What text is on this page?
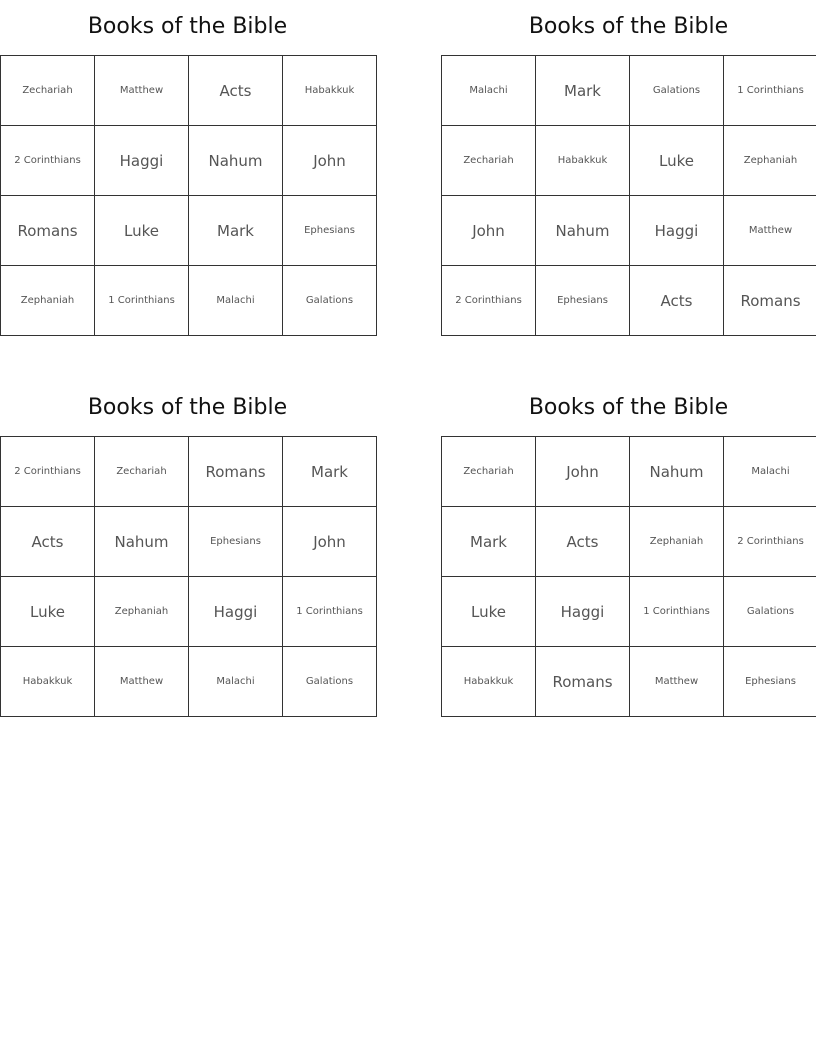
Books of the Bible
Zechariah	Matthew	Acts	Habakkuk
2 Corinthians	Haggi	Nahum	John
Romans	Luke	Mark	Ephesians
Zephaniah	1 Corinthians	Malachi	Galations
Books of the Bible
Malachi	Mark	Galations	1 Corinthians
Zechariah	Habakkuk	Luke	Zephaniah
John	Nahum	Haggi	Matthew
2 Corinthians	Ephesians	Acts	Romans
Books of the Bible
2 Corinthians	Zechariah	Romans	Mark
Acts	Nahum	Ephesians	John
Luke	Zephaniah	Haggi	1 Corinthians
Habakkuk	Matthew	Malachi	Galations
Books of the Bible
Zechariah	John	Nahum	Malachi
Mark	Acts	Zephaniah	2 Corinthians
Luke	Haggi	1 Corinthians	Galations
Habakkuk	Romans	Matthew	Ephesians
